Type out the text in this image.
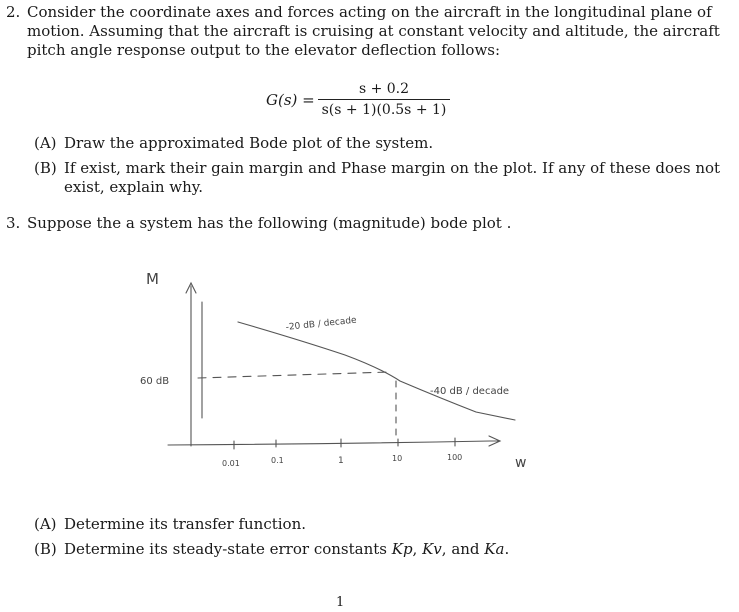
2. Consider the coordinate axes and forces acting on the aircraft in the longitudinal plane of
motion. Assuming that the aircraft is cruising at constant velocity and altitude, the aircraft
pitch angle response output to the elevator deflection follows:
G(s) =
s + 0.2
s(s + 1)(0.5s + 1)
(A) Draw the approximated Bode plot of the system.
(B) If exist, mark their gain margin and Phase margin on the plot. If any of these does not
exist, explain why.
3. Suppose the a system has the following (magnitude) bode plot .
M
w
60 dB
-20 dB / decade
-40 dB / decade
0.01	0.1	1	10	100
(A) Determine its transfer function.
(B) Determine its steady-state error constants Kp, Kv, and Ka.
1
